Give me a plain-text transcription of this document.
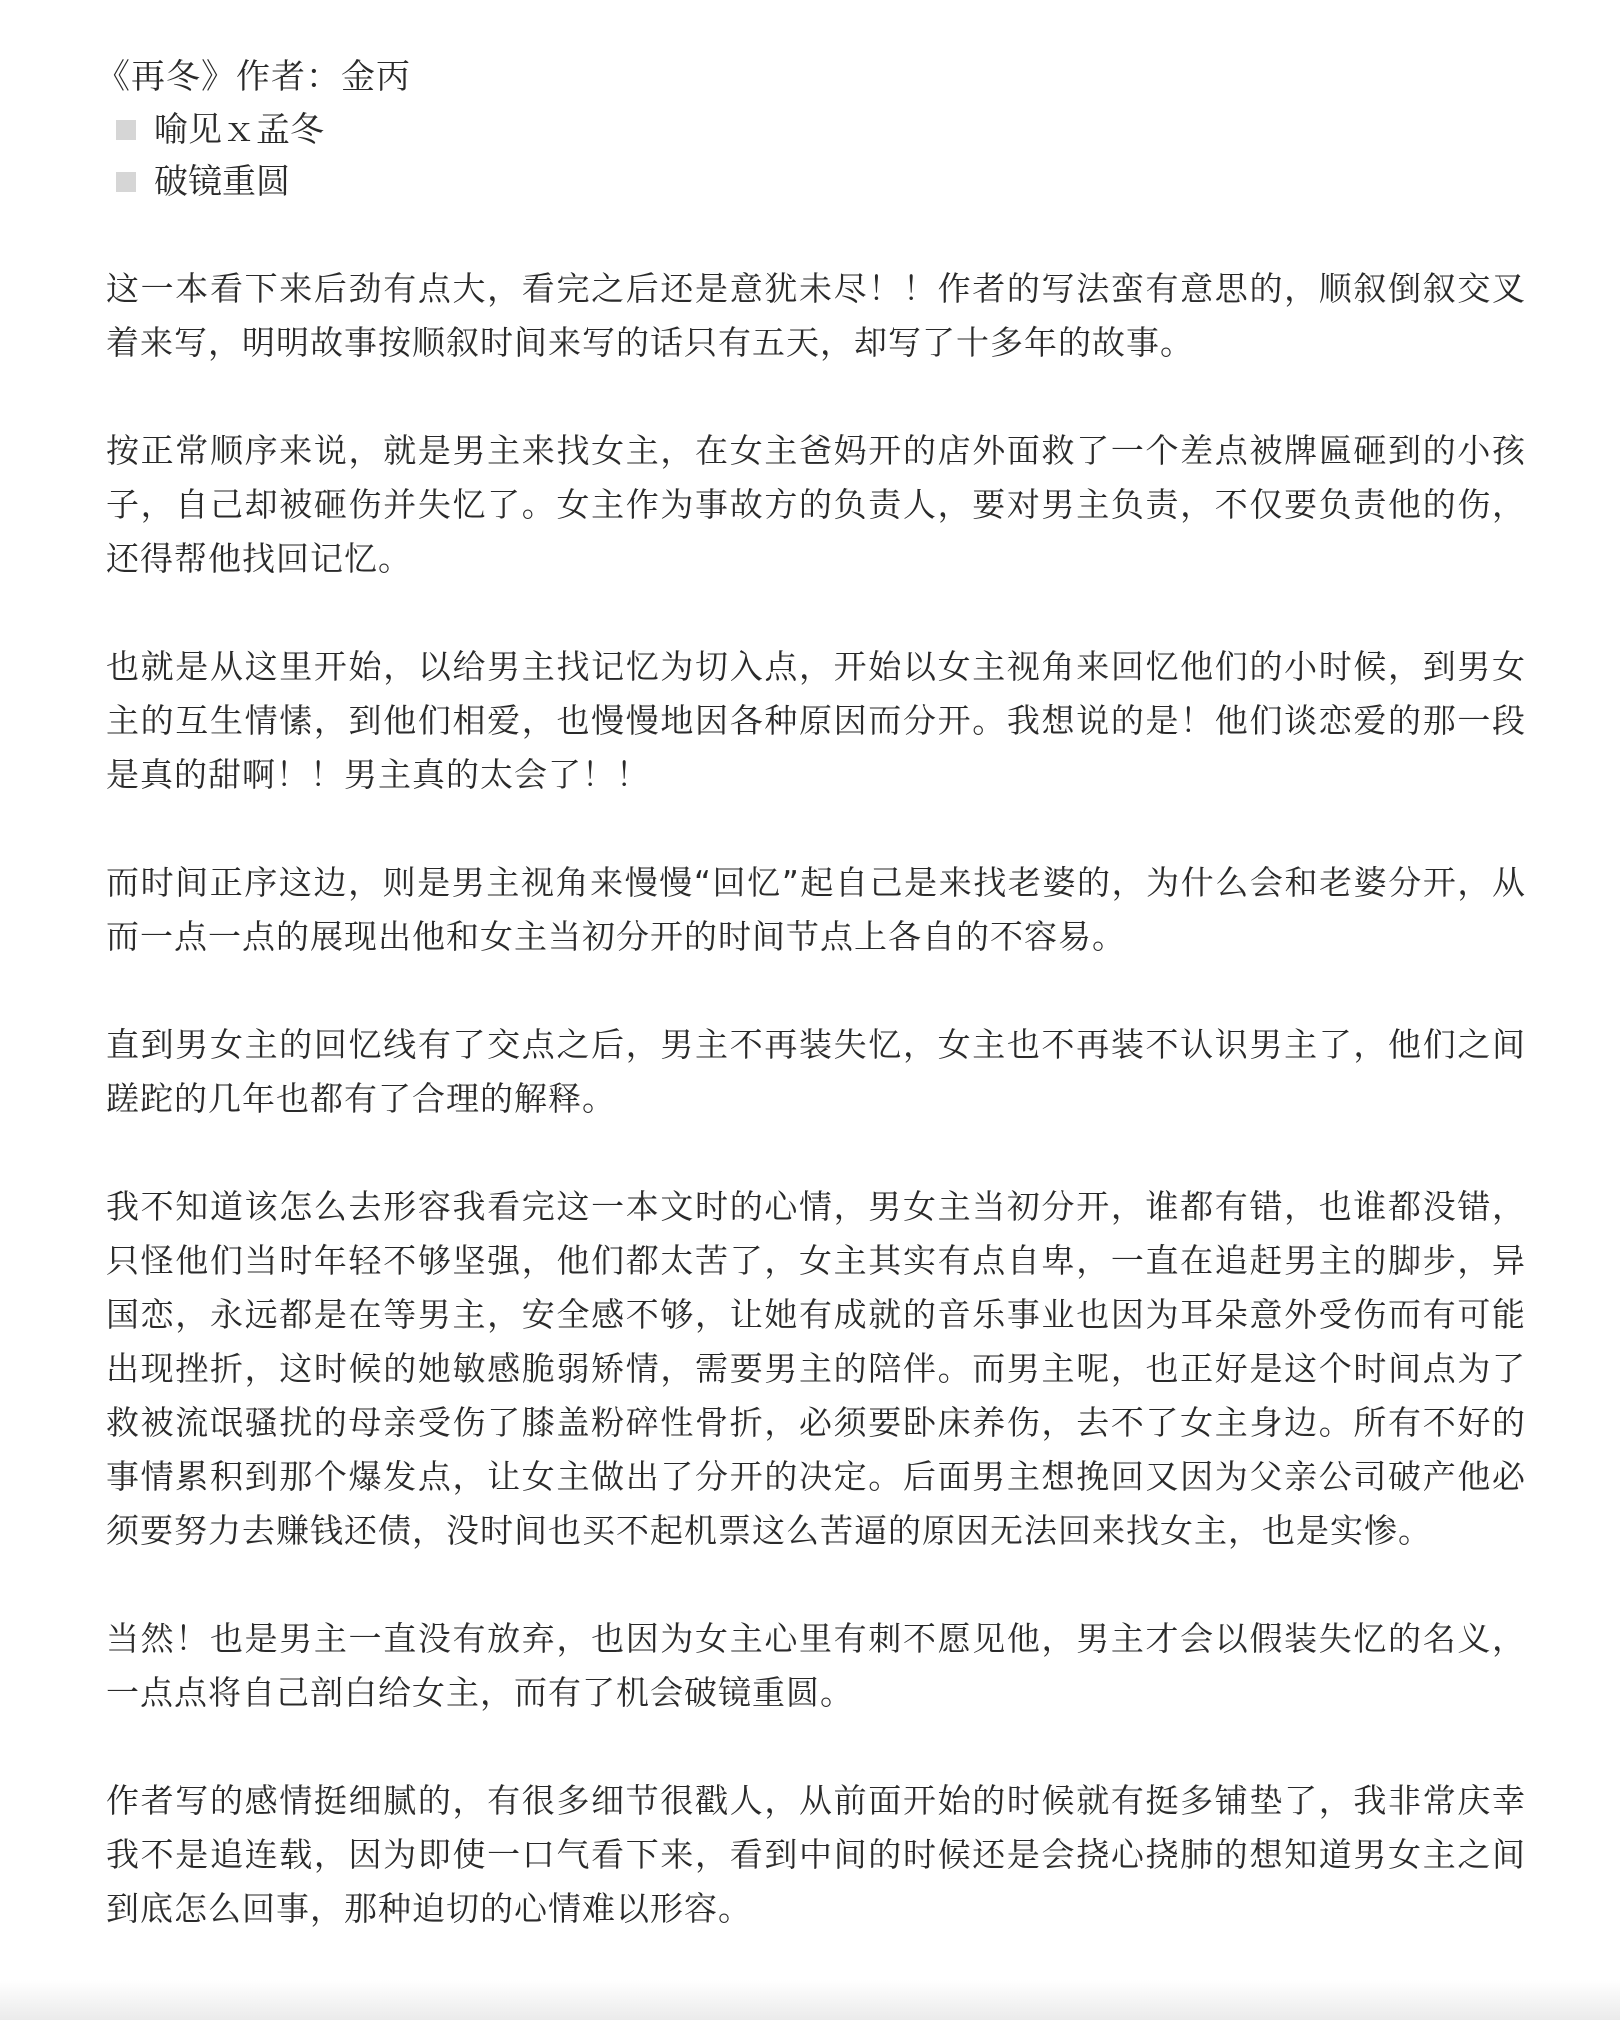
《再冬》作者：金丙

喻见ｘ孟冬
破镜重圆

这一本看下来后劲有点大，看完之后还是意犹未尽！！作者的写法蛮有意思的，顺叙倒叙交叉着来写，明明故事按顺叙时间来写的话只有五天，却写了十多年的故事。

按正常顺序来说，就是男主来找女主，在女主爸妈开的店外面救了一个差点被牌匾砸到的小孩子，自己却被砸伤并失忆了。女主作为事故方的负责人，要对男主负责，不仅要负责他的伤，还得帮他找回记忆。

也就是从这里开始，以给男主找记忆为切入点，开始以女主视角来回忆他们的小时候，到男女主的互生情愫，到他们相爱，也慢慢地因各种原因而分开。我想说的是！他们谈恋爱的那一段是真的甜啊！！男主真的太会了！！

而时间正序这边，则是男主视角来慢慢“回忆”起自己是来找老婆的，为什么会和老婆分开，从而一点一点的展现出他和女主当初分开的时间节点上各自的不容易。

直到男女主的回忆线有了交点之后，男主不再装失忆，女主也不再装不认识男主了，他们之间蹉跎的几年也都有了合理的解释。

我不知道该怎么去形容我看完这一本文时的心情，男女主当初分开，谁都有错，也谁都没错，只怪他们当时年轻不够坚强，他们都太苦了，女主其实有点自卑，一直在追赶男主的脚步，异国恋，永远都是在等男主，安全感不够，让她有成就的音乐事业也因为耳朵意外受伤而有可能出现挫折，这时候的她敏感脆弱矫情，需要男主的陪伴。而男主呢，也正好是这个时间点为了救被流氓骚扰的母亲受伤了膝盖粉碎性骨折，必须要卧床养伤，去不了女主身边。所有不好的事情累积到那个爆发点，让女主做出了分开的决定。后面男主想挽回又因为父亲公司破产他必须要努力去赚钱还债，没时间也买不起机票这么苦逼的原因无法回来找女主，也是实惨。

当然！也是男主一直没有放弃，也因为女主心里有刺不愿见他，男主才会以假装失忆的名义，一点点将自己剖白给女主，而有了机会破镜重圆。

作者写的感情挺细腻的，有很多细节很戳人，从前面开始的时候就有挺多铺垫了，我非常庆幸我不是追连载，因为即使一口气看下来，看到中间的时候还是会挠心挠肺的想知道男女主之间到底怎么回事，那种迫切的心情难以形容。
